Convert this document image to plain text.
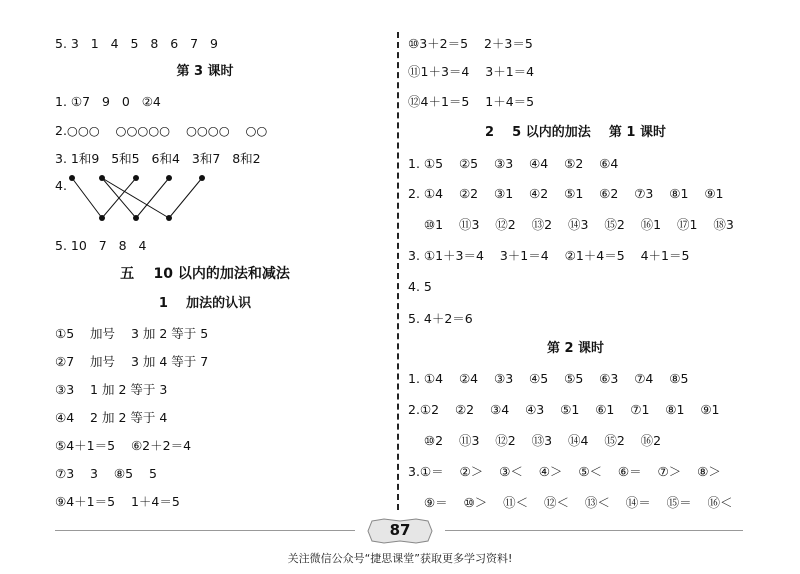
5. 3   1   4   5   8   6   7   9
第 3 课时
1. ①7   9   0   ②4
2.○○○    ○○○○○    ○○○○    ○○
3. 1和9   5和5   6和4   3和7   8和2
4.
5. 10   7   8   4
五    10 以内的加法和减法
1    加法的认识
①5    加号    3 加 2 等于 5
②7    加号    3 加 4 等于 7
③3    1 加 2 等于 3
④4    2 加 2 等于 4
⑤4＋1＝5    ⑥2＋2＝4
⑦3    3    ⑧5    5
⑨4＋1＝5    1＋4＝5
⑩3＋2＝5    2＋3＝5
⑪1＋3＝4    3＋1＝4
⑫4＋1＝5    1＋4＝5
2    5 以内的加法    第 1 课时
1. ①5    ②5    ③3    ④4    ⑤2    ⑥4
2. ①4    ②2    ③1    ④2    ⑤1    ⑥2    ⑦3    ⑧1    ⑨1
⑩1    ⑪3    ⑫2    ⑬2    ⑭3    ⑮2    ⑯1    ⑰1    ⑱3
3. ①1＋3＝4    3＋1＝4    ②1＋4＝5    4＋1＝5
4. 5
5. 4＋2＝6
第 2 课时
1. ①4    ②4    ③3    ④5    ⑤5    ⑥3    ⑦4    ⑧5
2.①2    ②2    ③4    ④3    ⑤1    ⑥1    ⑦1    ⑧1    ⑨1
⑩2    ⑪3    ⑫2    ⑬3    ⑭4    ⑮2    ⑯2
3.①＝    ②＞    ③＜    ④＞    ⑤＜    ⑥＝    ⑦＞    ⑧＞
⑨＝    ⑩＞    ⑪＜    ⑫＜    ⑬＜    ⑭＝    ⑮＝    ⑯＜
87
关注微信公众号“捷思课堂”获取更多学习资料!
